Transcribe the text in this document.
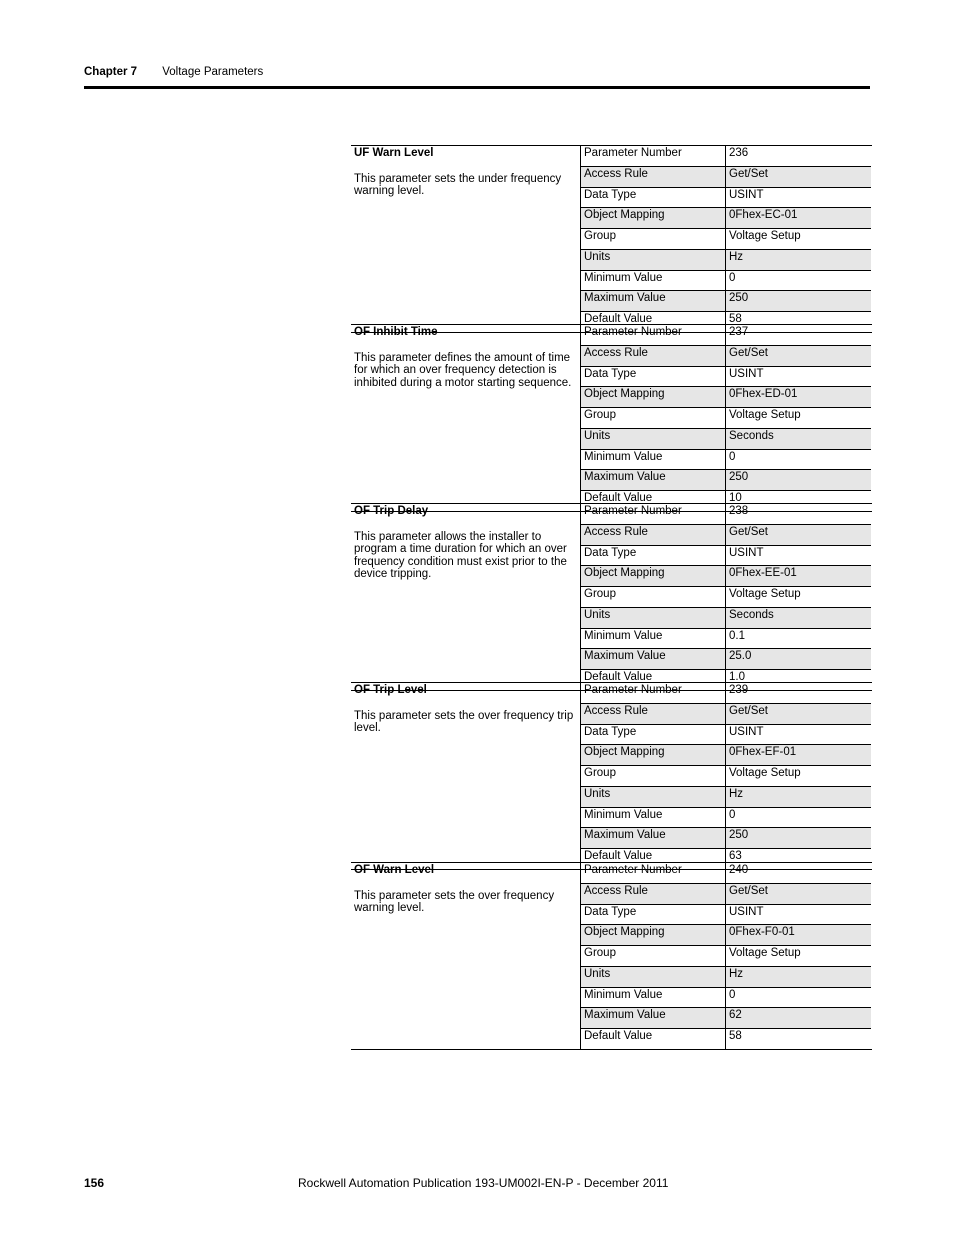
Chapter 7 Voltage Parameters
UF Warn Level
This parameter sets the under frequency warning level.
Parameter Number	236
Access Rule	Get/Set
Data Type	USINT
Object Mapping	0Fhex-EC-01
Group	Voltage Setup
Units	Hz
Minimum Value	0
Maximum Value	250
Default Value	58
OF Inhibit Time
This parameter defines the amount of time for which an over frequency detection is inhibited during a motor starting sequence.
Parameter Number	237
Access Rule	Get/Set
Data Type	USINT
Object Mapping	0Fhex-ED-01
Group	Voltage Setup
Units	Seconds
Minimum Value	0
Maximum Value	250
Default Value	10
OF Trip Delay
This parameter allows the installer to program a time duration for which an over frequency condition must exist prior to the device tripping.
Parameter Number	238
Access Rule	Get/Set
Data Type	USINT
Object Mapping	0Fhex-EE-01
Group	Voltage Setup
Units	Seconds
Minimum Value	0.1
Maximum Value	25.0
Default Value	1.0
OF Trip Level
This parameter sets the over frequency trip level.
Parameter Number	239
Access Rule	Get/Set
Data Type	USINT
Object Mapping	0Fhex-EF-01
Group	Voltage Setup
Units	Hz
Minimum Value	0
Maximum Value	250
Default Value	63
OF Warn Level
This parameter sets the over frequency warning level.
Parameter Number	240
Access Rule	Get/Set
Data Type	USINT
Object Mapping	0Fhex-F0-01
Group	Voltage Setup
Units	Hz
Minimum Value	0
Maximum Value	62
Default Value	58
156	Rockwell Automation Publication 193-UM002I-EN-P - December 2011
